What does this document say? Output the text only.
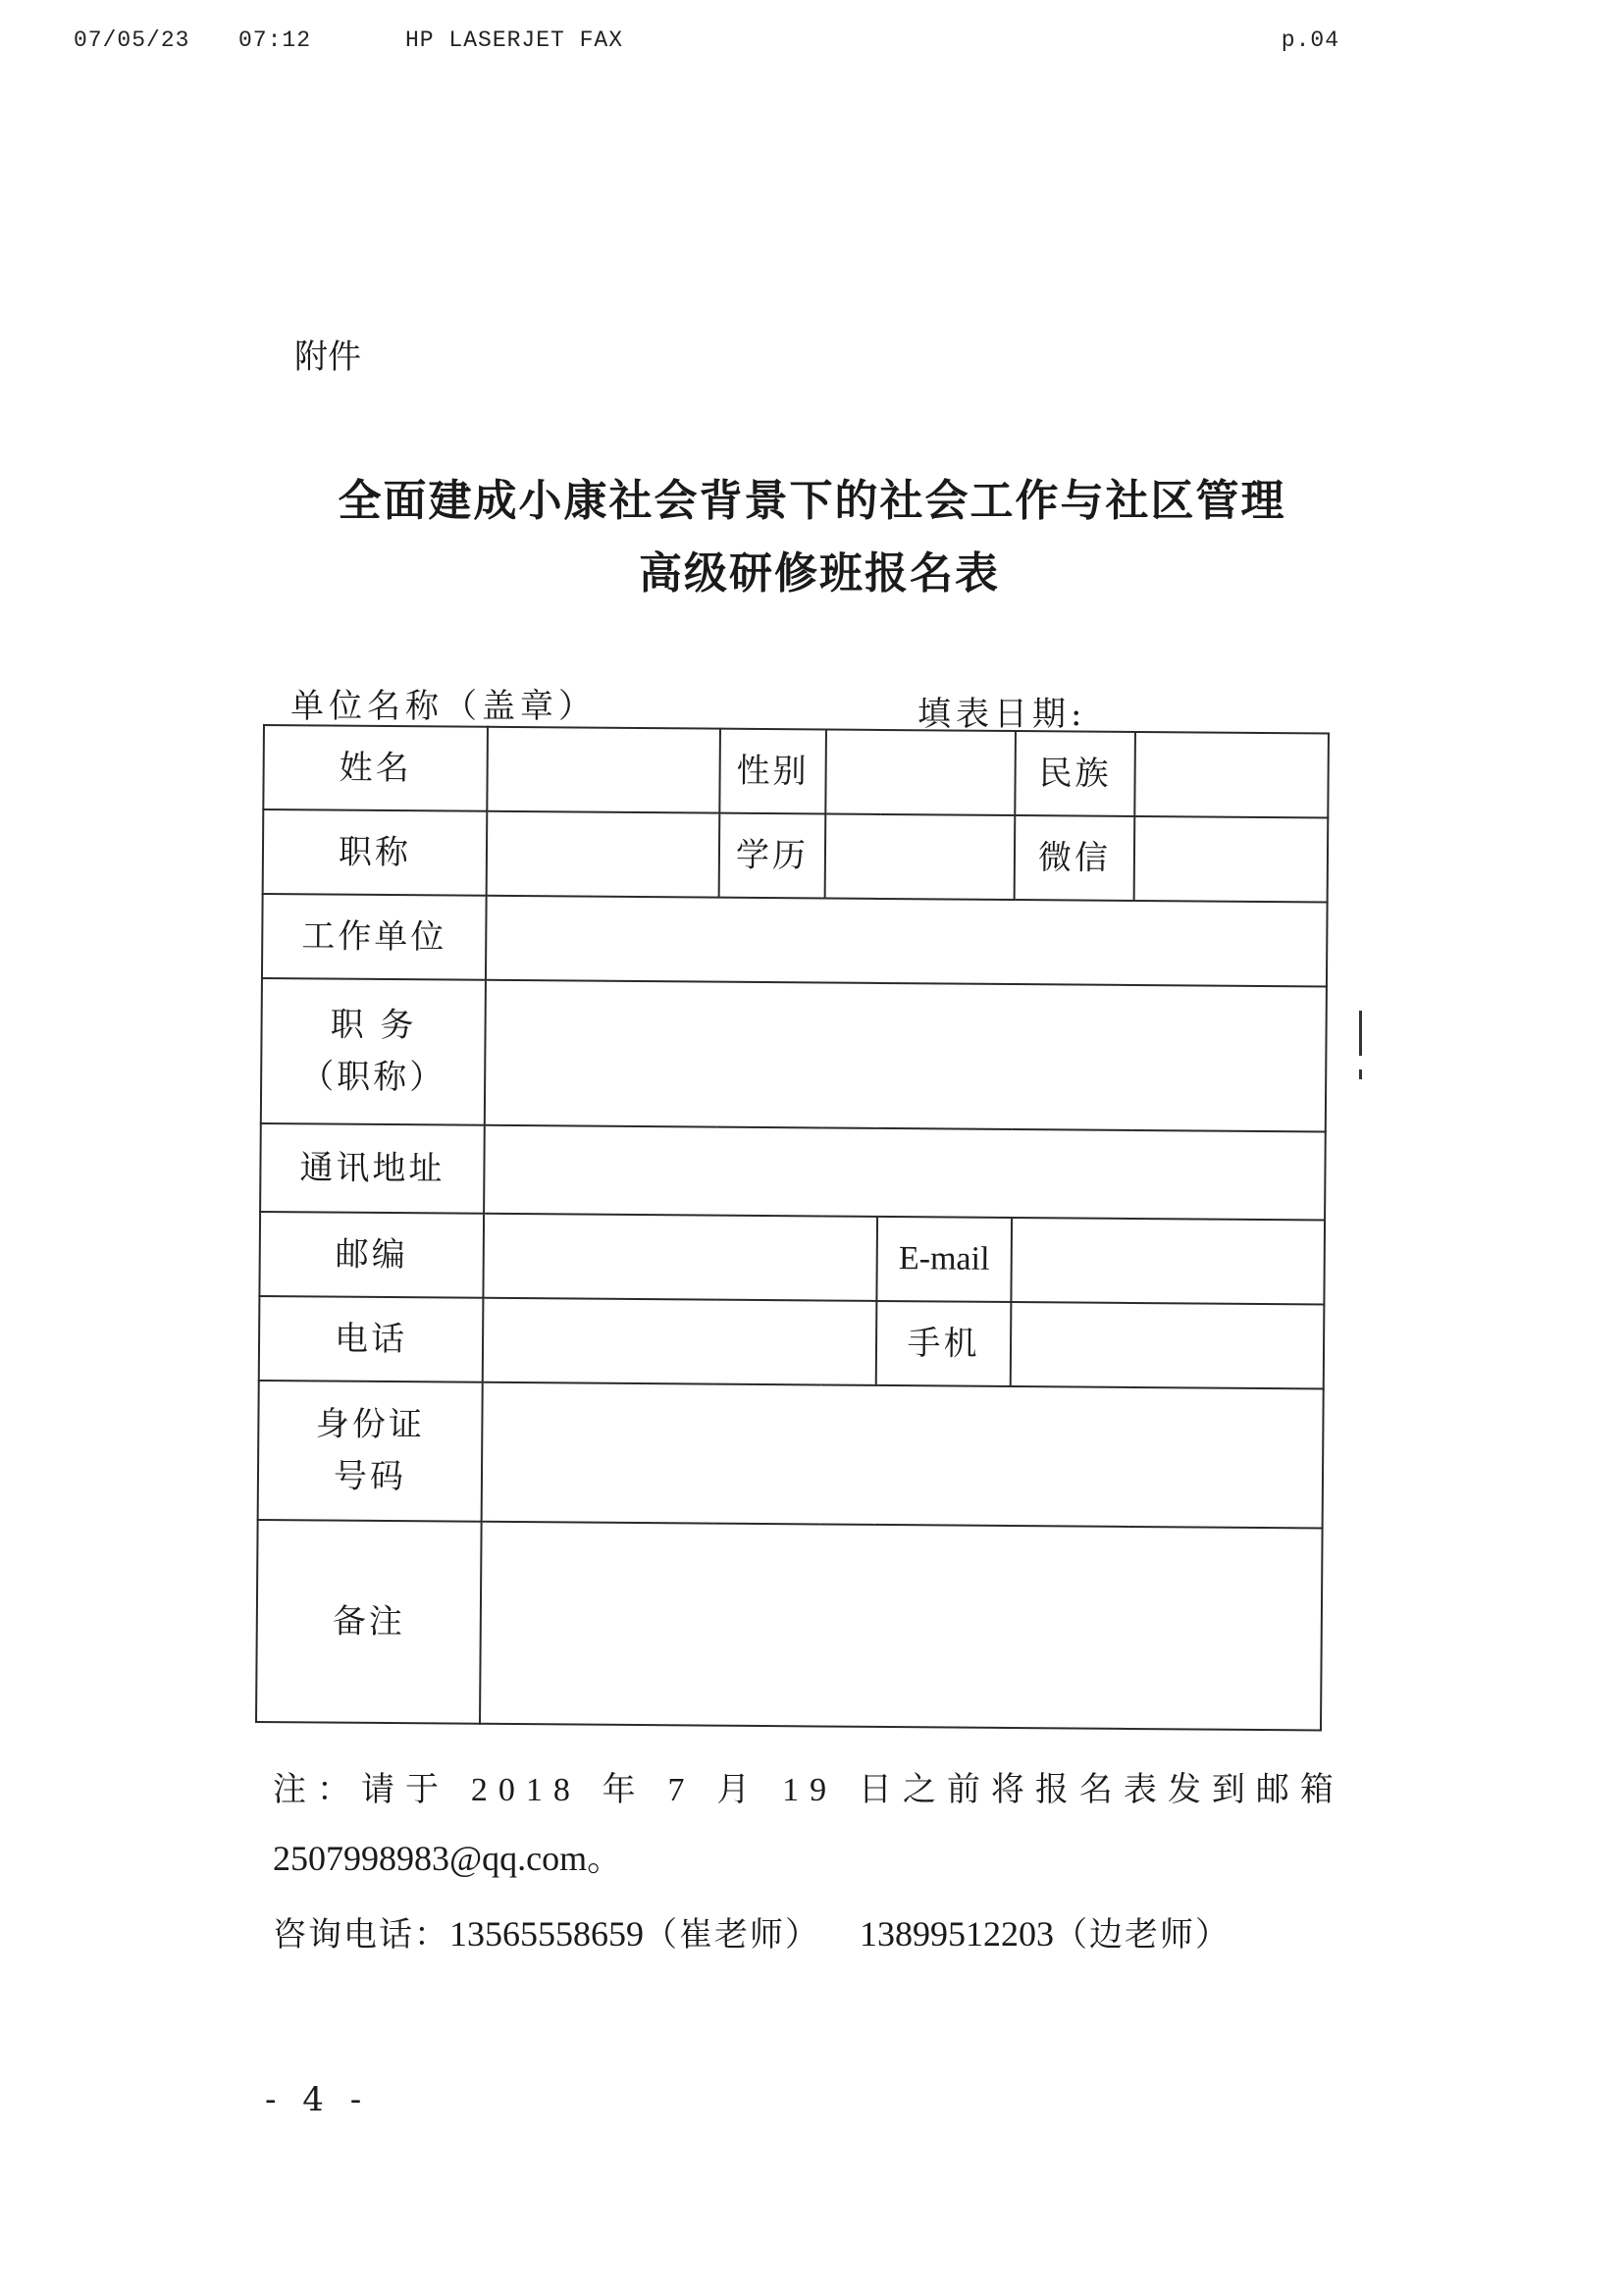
07/05/23 07:12	HP LASERJET FAX	p.04
附件
全面建成小康社会背景下的社会工作与社区管理
高级研修班报名表
单位名称（盖章）	填表日期:
姓名		性别			民族	
职称		学历			微信	
工作单位						

职 务
（职称）						

通讯地址						
邮编				E-mail		
电话				手机		

身份证
号码						

备注						
注：请于 2018 年 7 月 19 日之前将报名表发到邮箱
2507998983@qq.com。
咨询电话：13565558659（崔老师） 13899512203（边老师）
- 4 -
